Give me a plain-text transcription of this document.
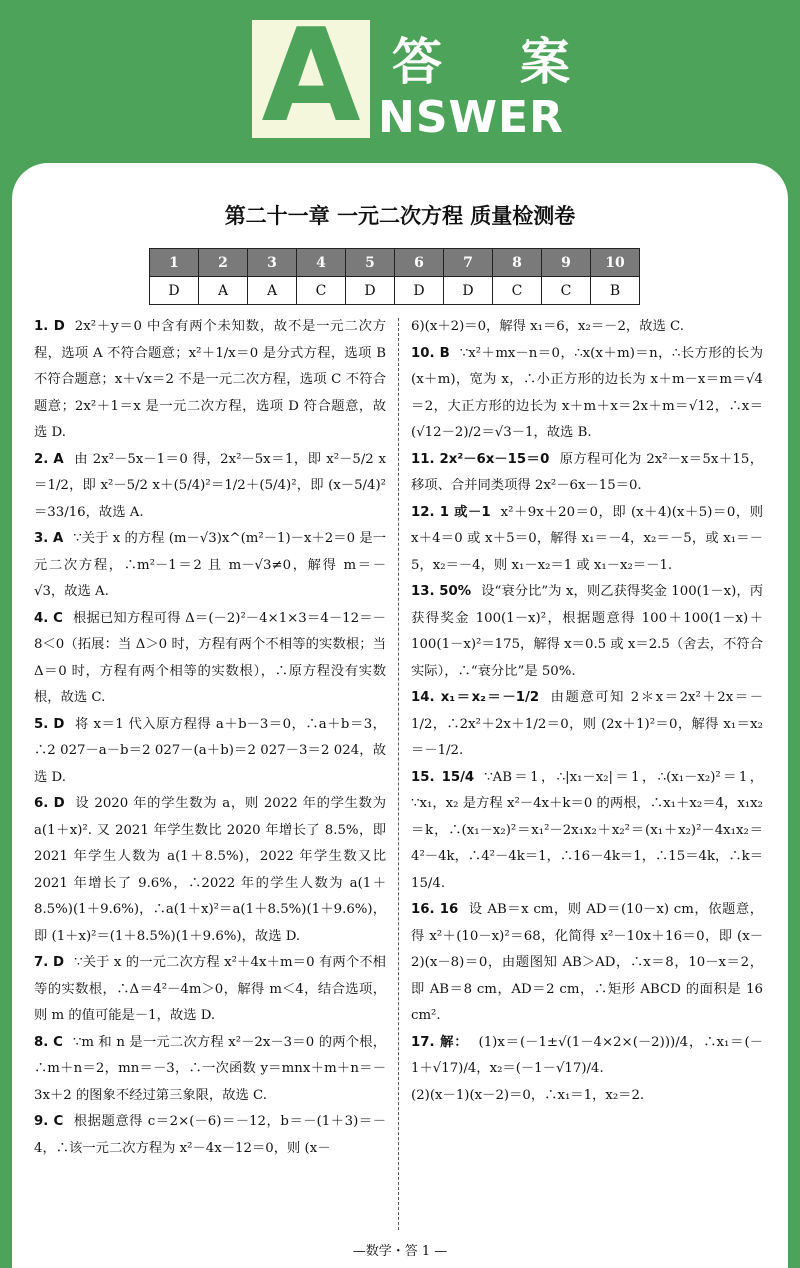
A 答 案
NSWER
第二十一章 一元二次方程 质量检测卷
1	2	3	4	5	6	7	8	9	10
D	A	A	C	D	D	D	C	C	B

1. D 2x²＋y＝0 中含有两个未知数，故不是一元二次方程，选项 A 不符合题意；x²＋1/x＝0 是分式方程，选项 B 不符合题意；x＋√x＝2 不是一元二次方程，选项 C 不符合题意；2x²＋1＝x 是一元二次方程，选项 D 符合题意，故选 D.

2. A 由 2x²－5x－1＝0 得，2x²－5x＝1，即 x²－5/2 x＝1/2，即 x²－5/2 x＋(5/4)²＝1/2＋(5/4)²，即 (x－5/4)²＝33/16，故选 A.

3. A ∵关于 x 的方程 (m－√3)x^(m²－1)－x＋2＝0 是一元二次方程，∴m²－1＝2 且 m－√3≠0，解得 m＝－√3，故选 A.

4. C 根据已知方程可得 Δ＝(－2)²－4×1×3＝4－12＝－8＜0（拓展：当 Δ＞0 时，方程有两个不相等的实数根；当 Δ＝0 时，方程有两个相等的实数根），∴原方程没有实数根，故选 C.

5. D 将 x＝1 代入原方程得 a＋b－3＝0，∴a＋b＝3，∴2 027－a－b＝2 027－(a＋b)＝2 027－3＝2 024，故选 D.

6. D 设 2020 年的学生数为 a，则 2022 年的学生数为 a(1＋x)². 又 2021 年学生数比 2020 年增长了 8.5%，即 2021 年学生人数为 a(1＋8.5%)，2022 年学生数又比 2021 年增长了 9.6%，∴2022 年的学生人数为 a(1＋8.5%)(1＋9.6%)，∴a(1＋x)²＝a(1＋8.5%)(1＋9.6%)，即 (1＋x)²＝(1＋8.5%)(1＋9.6%)，故选 D.

7. D ∵关于 x 的一元二次方程 x²＋4x＋m＝0 有两个不相等的实数根，∴Δ＝4²－4m＞0，解得 m＜4，结合选项，则 m 的值可能是－1，故选 D.

8. C ∵m 和 n 是一元二次方程 x²－2x－3＝0 的两个根，∴m＋n＝2，mn＝－3，∴一次函数 y＝mnx＋m＋n＝－3x＋2 的图象不经过第三象限，故选 C.

9. C 根据题意得 c＝2×(－6)＝－12，b＝－(1＋3)＝－4，∴该一元二次方程为 x²－4x－12＝0，则 (x－

6)(x＋2)＝0，解得 x₁＝6，x₂＝－2，故选 C.

10. B ∵x²＋mx－n＝0，∴x(x＋m)＝n，∴长方形的长为 (x＋m)，宽为 x，∴小正方形的边长为 x＋m－x＝m＝√4＝2，大正方形的边长为 x＋m＋x＝2x＋m＝√12，∴x＝(√12－2)/2＝√3－1，故选 B.

11. 2x²－6x－15＝0 原方程可化为 2x²－x＝5x＋15，移项、合并同类项得 2x²－6x－15＝0.

12. 1 或－1 x²＋9x＋20＝0，即 (x＋4)(x＋5)＝0，则 x＋4＝0 或 x＋5＝0，解得 x₁＝－4，x₂＝－5，或 x₁＝－5，x₂＝－4，则 x₁－x₂＝1 或 x₁－x₂＝－1.

13. 50% 设“衰分比”为 x，则乙获得奖金 100(1－x)，丙获得奖金 100(1－x)²，根据题意得 100＋100(1－x)＋100(1－x)²＝175，解得 x＝0.5 或 x＝2.5（舍去，不符合实际），∴“衰分比”是 50%.

14. x₁＝x₂＝－1/2 由题意可知 2＊x＝2x²＋2x＝－1/2，∴2x²＋2x＋1/2＝0，则 (2x＋1)²＝0，解得 x₁＝x₂＝－1/2.

15. 15/4 ∵AB＝1，∴|x₁－x₂|＝1，∴(x₁－x₂)²＝1，∵x₁，x₂ 是方程 x²－4x＋k＝0 的两根，∴x₁＋x₂＝4，x₁x₂＝k，∴(x₁－x₂)²＝x₁²－2x₁x₂＋x₂²＝(x₁＋x₂)²－4x₁x₂＝4²－4k，∴4²－4k＝1，∴16－4k＝1，∴15＝4k，∴k＝15/4.

16. 16 设 AB＝x cm，则 AD＝(10－x) cm，依题意，得 x²＋(10－x)²＝68，化简得 x²－10x＋16＝0，即 (x－2)(x－8)＝0，由题图知 AB＞AD，∴x＝8，10－x＝2，即 AB＝8 cm，AD＝2 cm，∴矩形 ABCD 的面积是 16 cm².

17. 解： (1)x＝(－1±√(1－4×2×(－2)))/4，∴x₁＝(－1＋√17)/4，x₂＝(－1－√17)/4.

(2)(x－1)(x－2)＝0，∴x₁＝1，x₂＝2.

—数学・答 1 —
